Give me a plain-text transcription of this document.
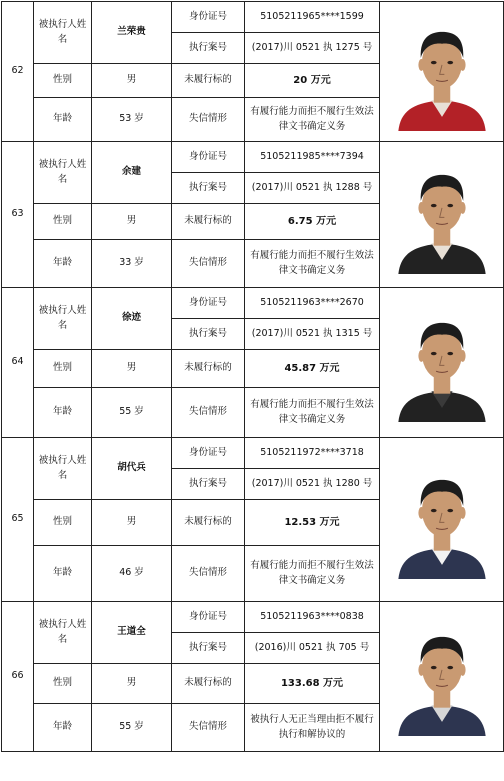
62	被执行人姓名	兰荣贵	身份证号	5105211965****1599	

			执行案号	(2017)川 0521 执 1275 号	
	性别	男	未履行标的	20 万元	
	年龄	53 岁	失信情形	有履行能力而拒不履行生效法律文书确定义务	
63	被执行人姓名	余建	身份证号	5105211985****7394	

			执行案号	(2017)川 0521 执 1288 号	
	性别	男	未履行标的	6.75 万元	
	年龄	33 岁	失信情形	有履行能力而拒不履行生效法律文书确定义务	
64	被执行人姓名	徐迹	身份证号	5105211963****2670	

			执行案号	(2017)川 0521 执 1315 号	
	性别	男	未履行标的	45.87 万元	
	年龄	55 岁	失信情形	有履行能力而拒不履行生效法律文书确定义务	
65	被执行人姓名	胡代兵	身份证号	5105211972****3718	

			执行案号	(2017)川 0521 执 1280 号	
	性别	男	未履行标的	12.53 万元	
	年龄	46 岁	失信情形	有履行能力而拒不履行生效法律文书确定义务	
66	被执行人姓名	王道全	身份证号	5105211963****0838	

			执行案号	(2016)川 0521 执 705 号	
	性别	男	未履行标的	133.68 万元	
	年龄	55 岁	失信情形	被执行人无正当理由拒不履行执行和解协议的	
